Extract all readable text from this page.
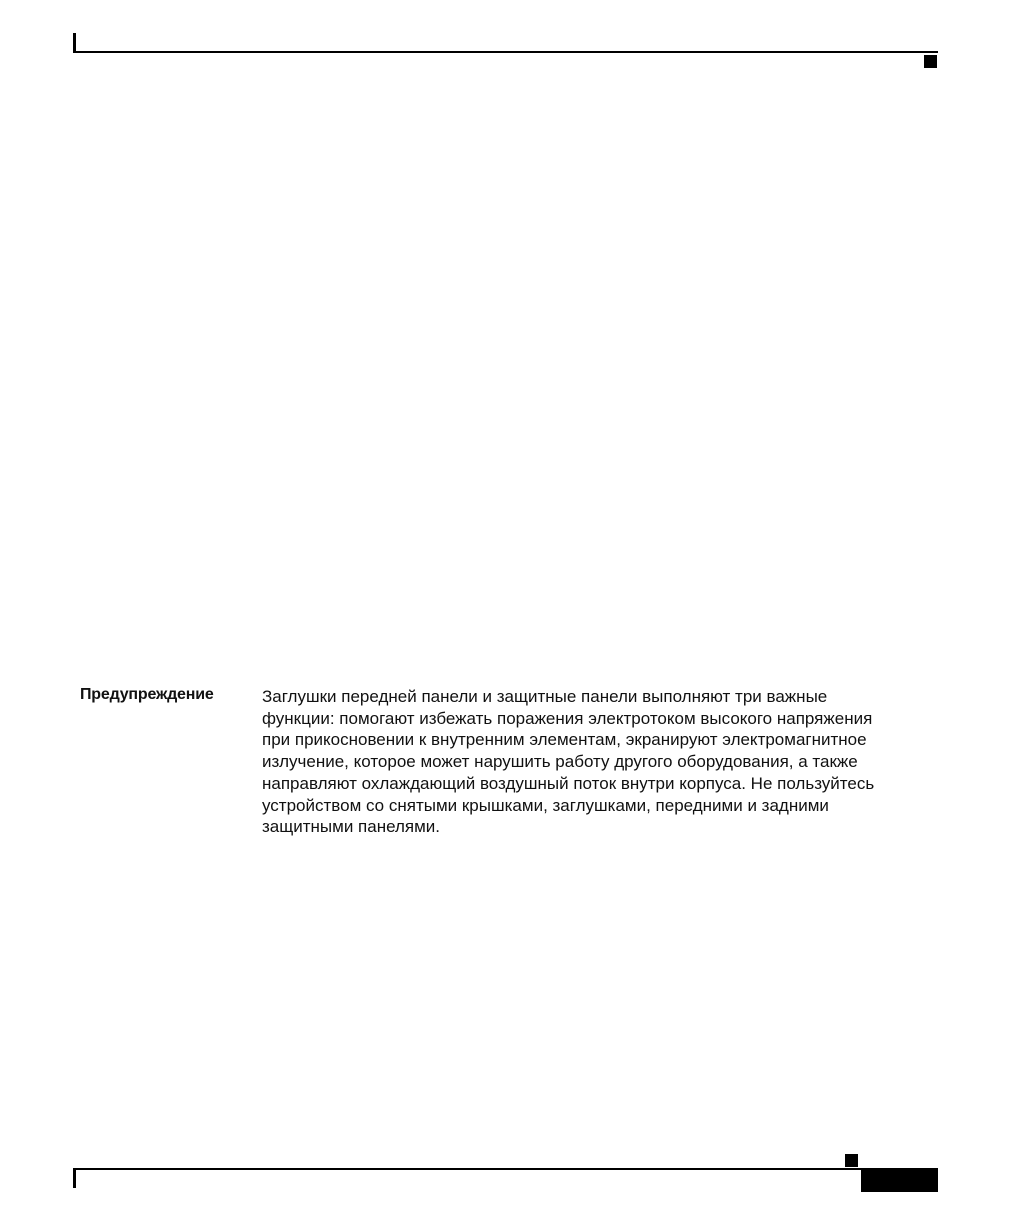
Предупреждение	Заглушки передней панели и защитные панели выполняют три важные
функции: помогают избежать поражения электротоком высокого напряжения
при прикосновении к внутренним элементам, экранируют электромагнитное
излучение, которое может нарушить работу другого оборудования, а также
направляют охлаждающий воздушный поток внутри корпуса. Не пользуйтесь
устройством со снятыми крышками, заглушками, передними и задними
защитными панелями.
